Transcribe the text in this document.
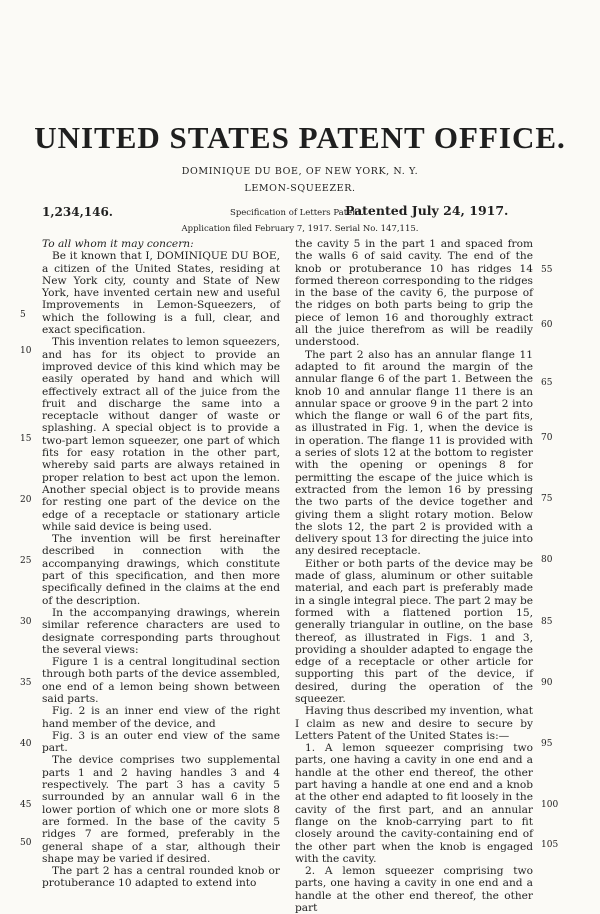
UNITED STATES PATENT OFFICE.
DOMINIQUE DU BOE, OF NEW YORK, N. Y.
LEMON-SQUEEZER.
1,234,146.	Specification of Letters Patent.
Patented July 24, 1917.
Application filed February 7, 1917. Serial No. 147,115.

To all whom it may concern:

Be it known that I, DOMINIQUE DU BOE, a citizen of the United States, residing at New York city, county and State of New York, have invented certain new and useful Improvements in Lemon-Squeezers, of which the following is a full, clear, and exact specification.

This invention relates to lemon squeezers, and has for its object to provide an improved device of this kind which may be easily operated by hand and which will effectively extract all of the juice from the fruit and discharge the same into a receptacle without danger of waste or splashing. A special object is to provide a two-part lemon squeezer, one part of which fits for easy rotation in the other part, whereby said parts are always retained in proper relation to best act upon the lemon. Another special object is to provide means for resting one part of the device on the edge of a receptacle or stationary article while said device is being used.

The invention will be first hereinafter described in connection with the accompanying drawings, which constitute part of this specification, and then more specifically defined in the claims at the end of the description.

In the accompanying drawings, wherein similar reference characters are used to designate corresponding parts throughout the several views:

Figure 1 is a central longitudinal section through both parts of the device assembled, one end of a lemon being shown between said parts.

Fig. 2 is an inner end view of the right hand member of the device, and

Fig. 3 is an outer end view of the same part.

The device comprises two supplemental parts 1 and 2 having handles 3 and 4 respectively. The part 3 has a cavity 5 surrounded by an annular wall 6 in the lower portion of which one or more slots 8 are formed. In the base of the cavity 5 ridges 7 are formed, preferably in the general shape of a star, although their shape may be varied if desired.

The part 2 has a central rounded knob or protuberance 10 adapted to extend into

the cavity 5 in the part 1 and spaced from the walls 6 of said cavity. The end of the knob or protuberance 10 has ridges 14 formed thereon corresponding to the ridges in the base of the cavity 6, the purpose of the ridges on both parts being to grip the piece of lemon 16 and thoroughly extract all the juice therefrom as will be readily understood.

The part 2 also has an annular flange 11 adapted to fit around the margin of the annular flange 6 of the part 1. Between the knob 10 and annular flange 11 there is an annular space or groove 9 in the part 2 into which the flange or wall 6 of the part fits, as illustrated in Fig. 1, when the device is in operation. The flange 11 is provided with a series of slots 12 at the bottom to register with the opening or openings 8 for permitting the escape of the juice which is extracted from the lemon 16 by pressing the two parts of the device together and giving them a slight rotary motion. Below the slots 12, the part 2 is provided with a delivery spout 13 for directing the juice into any desired receptacle.

Either or both parts of the device may be made of glass, aluminum or other suitable material, and each part is preferably made in a single integral piece. The part 2 may be formed with a flattened portion 15, generally triangular in outline, on the base thereof, as illustrated in Figs. 1 and 3, providing a shoulder adapted to engage the edge of a receptacle or other article for supporting this part of the device, if desired, during the operation of the squeezer.

Having thus described my invention, what I claim as new and desire to secure by Letters Patent of the United States is:—

1. A lemon squeezer comprising two parts, one having a cavity in one end and a handle at the other end thereof, the other part having a handle at one end and a knob at the other end adapted to fit loosely in the cavity of the first part, and an annular flange on the knob-carrying part to fit closely around the cavity-containing end of the other part when the knob is engaged with the cavity.

2. A lemon squeezer comprising two parts, one having a cavity in one end and a handle at the other end thereof, the other part

5
10
15
20
25
30
35
40
45
50
55
60
65
70
75
80
85
90
95
100
105
